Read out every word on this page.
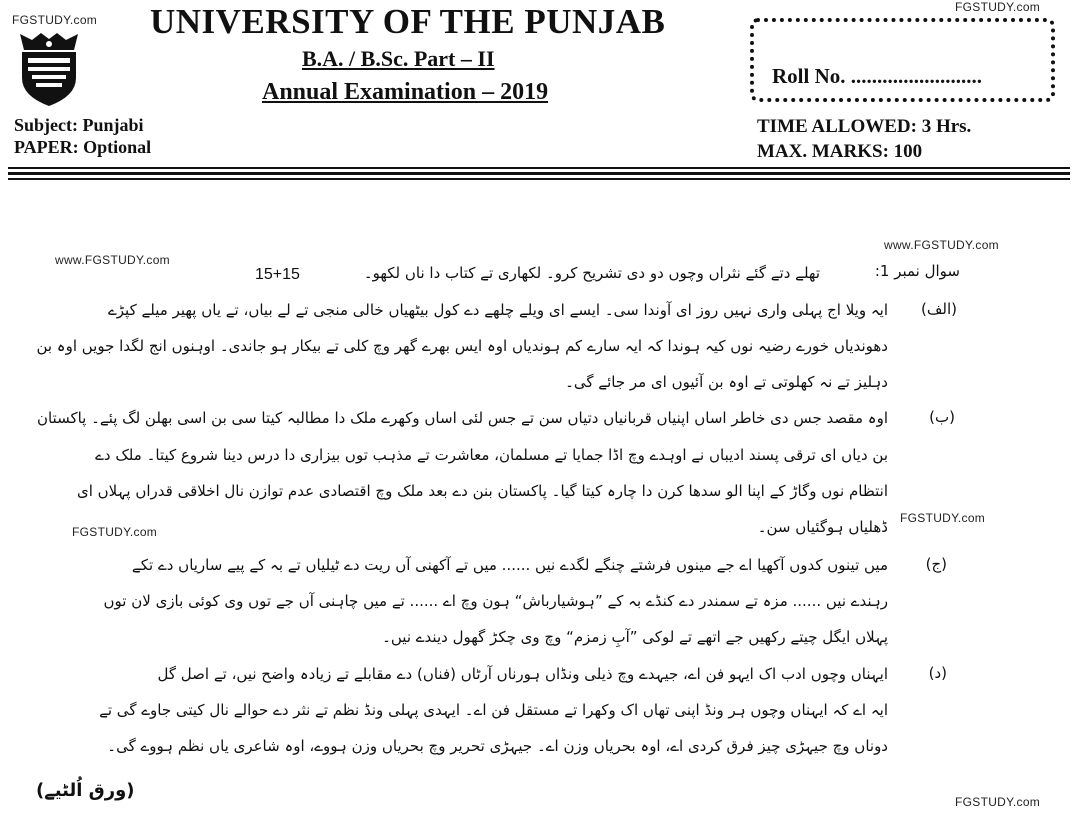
FGSTUDY.com
FGSTUDY.com
www.FGSTUDY.com
www.FGSTUDY.com
FGSTUDY.com
FGSTUDY.com
FGSTUDY.com
UNIVERSITY OF THE PUNJAB
B.A. / B.Sc. Part – II
Annual Examination – 2019
Subject: Punjabi
PAPER: Optional
Roll No. .........................
TIME ALLOWED: 3 Hrs.
MAX. MARKS: 100
سوال نمبر 1:
تھلے دتے گئے نثراں وچوں دو دی تشریح کرو۔ لکھاری تے کتاب دا ناں لکھو۔
15+15
(الف)
ایہ ویلا اج پہلی واری نہیں روز ای آوندا سی۔ ایسے ای ویلے چلھے دے کول بیٹھیاں خالی منجی تے لے بیاں، تے یاں پھیر میلے کپڑے
دھوندیاں خورے رضیہ نوں کیہ ہوندا کہ ایہ سارے کم ہوندیاں اوہ ایس بھرے گھر وچ کلی تے بیکار ہو جاندی۔ اوہنوں انج لگدا جویں اوہ بن
دہلیز تے نہ کھلوتی تے اوہ بن آئیوں ای مر جائے گی۔
(ب)
اوہ مقصد جس دی خاطر اساں اپنیاں قربانیاں دتیاں سن تے جس لئی اساں وکھرے ملک دا مطالبہ کیتا سی بن اسی بھلن لگ پئے۔ پاکستان
بن دیاں ای ترقی پسند ادیباں نے اوہدے وچ اڈا جمایا تے مسلمان، معاشرت تے مذہب توں بیزاری دا درس دینا شروع کیتا۔ ملک دے
انتظام نوں وگاڑ کے اپنا الو سدھا کرن دا چارہ کیتا گیا۔ پاکستان بنن دے بعد ملک وچ اقتصادی عدم توازن نال اخلاقی قدراں پہلاں ای
ڈھلیاں ہوگئیاں سن۔
(ج)
میں تینوں کدوں آکھیا اے جے مینوں فرشتے چنگے لگدے نیں ...... میں تے آکھنی آں ریت دے ٹیلیاں تے بہ کے پیے ساریاں دے تکے
رہندے نیں ...... مزہ تے سمندر دے کنڈے بہ کے ”ہوشیارباش“ ہون وچ اے ...... تے میں چاہنی آں جے توں وی کوئی بازی لان توں
پہلاں ایگل چیتے رکھیں جے اتھے تے لوکی ”آبِ زمزم“ وچ وی چکڑ گھول دیندے نیں۔
(د)
ایہناں وچوں ادب اک ایہو فن اے، جیہدے وچ ذیلی ونڈاں ہورناں آرٹاں (فناں) دے مقابلے تے زیادہ واضح نیں، تے اصل گل
ایہ اے کہ ایہناں وچوں ہر ونڈ اپنی تھاں اک وکھرا تے مستقل فن اے۔ ایہدی پہلی ونڈ نظم تے نثر دے حوالے نال کیتی جاوے گی تے
دوناں وچ جیہڑی چیز فرق کردی اے، اوہ بحریاں وزن اے۔ جیہڑی تحریر وچ بحریاں وزن ہووے، اوہ شاعری یاں نظم ہووے گی۔
(ورق اُلٹیے)
